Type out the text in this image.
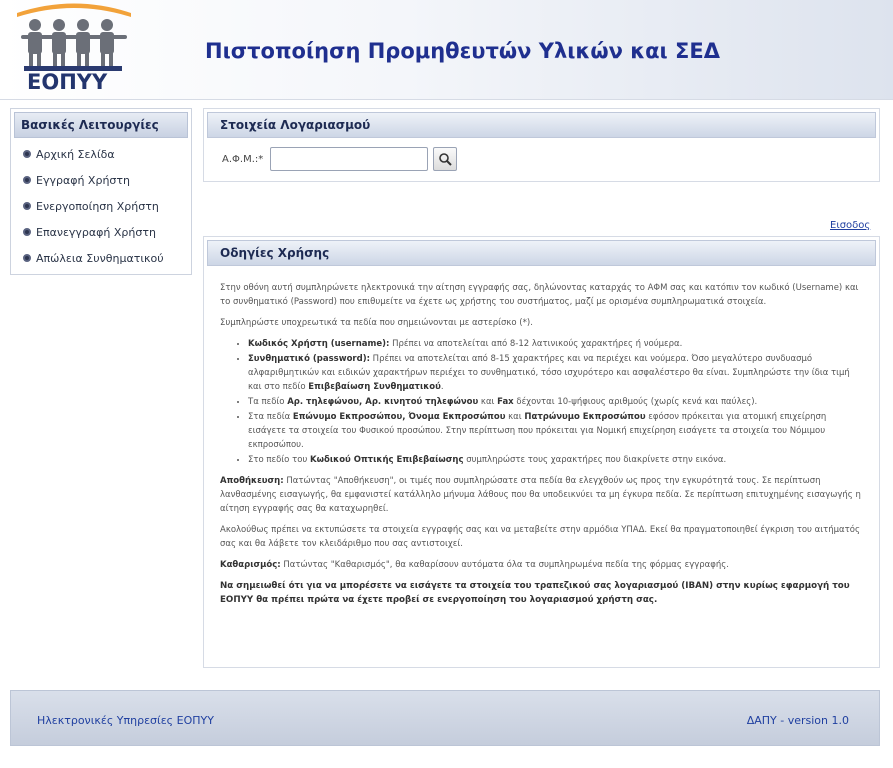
ΕΟΠΥΥ
Πιστοποίηση Προμηθευτών Υλικών και ΣΕΔ
Βασικές Λειτουργίες
Αρχική Σελίδα
Εγγραφή Χρήστη
Ενεργοποίηση Χρήστη
Επανεγγραφή Χρήστη
Απώλεια Συνθηματικού
Στοιχεία Λογαριασμού
Α.Φ.Μ.:*
Εισοδος
Οδηγίες Χρήσης

Στην οθόνη αυτή συμπληρώνετε ηλεκτρονικά την αίτηση εγγραφής σας, δηλώνοντας καταρχάς το ΑΦΜ σας και κατόπιν τον κωδικό (Username) και το συνθηματικό (Password) που επιθυμείτε να έχετε ως χρήστης του συστήματος, μαζί με ορισμένα συμπληρωματικά στοιχεία.

Συμπληρώστε υποχρεωτικά τα πεδία που σημειώνονται με αστερίσκο (*).

• Κωδικός Χρήστη (username): Πρέπει να αποτελείται από 8-12 λατινικούς χαρακτήρες ή νούμερα.
• Συνθηματικό (password): Πρέπει να αποτελείται από 8-15 χαρακτήρες και να περιέχει και νούμερα. Όσο μεγαλύτερο συνδυασμό αλφαριθμητικών και ειδικών χαρακτήρων περιέχει το συνθηματικό, τόσο ισχυρότερο και ασφαλέστερο θα είναι. Συμπληρώστε την ίδια τιμή και στο πεδίο Επιβεβαίωση Συνθηματικού.
• Τα πεδίο Αρ. τηλεφώνου, Αρ. κινητού τηλεφώνου και Fax δέχονται 10-ψήφιους αριθμούς (χωρίς κενά και παύλες).
• Στα πεδία Επώνυμο Εκπροσώπου, Όνομα Εκπροσώπου και Πατρώνυμο Εκπροσώπου εφόσον πρόκειται για ατομική επιχείρηση εισάγετε τα στοιχεία του Φυσικού προσώπου. Στην περίπτωση που πρόκειται για Νομική επιχείρηση εισάγετε τα στοιχεία του Νόμιμου εκπροσώπου.
• Στο πεδίο του Κωδικού Οπτικής Επιβεβαίωσης συμπληρώστε τους χαρακτήρες που διακρίνετε στην εικόνα.

Αποθήκευση: Πατώντας "Αποθήκευση", οι τιμές που συμπληρώσατε στα πεδία θα ελεγχθούν ως προς την εγκυρότητά τους. Σε περίπτωση λανθασμένης εισαγωγής, θα εμφανιστεί κατάλληλο μήνυμα λάθους που θα υποδεικνύει τα μη έγκυρα πεδία. Σε περίπτωση επιτυχημένης εισαγωγής η αίτηση εγγραφής σας θα καταχωρηθεί.

Ακολούθως πρέπει να εκτυπώσετε τα στοιχεία εγγραφής σας και να μεταβείτε στην αρμόδια ΥΠΑΔ. Εκεί θα πραγματοποιηθεί έγκριση του αιτήματός σας και θα λάβετε τον κλειδάριθμο που σας αντιστοιχεί.

Καθαρισμός: Πατώντας "Καθαρισμός", θα καθαρίσουν αυτόματα όλα τα συμπληρωμένα πεδία της φόρμας εγγραφής.

Να σημειωθεί ότι για να μπορέσετε να εισάγετε τα στοιχεία του τραπεζικού σας λογαριασμού (IBAN) στην κυρίως εφαρμογή του ΕΟΠΥΥ θα πρέπει πρώτα να έχετε προβεί σε ενεργοποίηση του λογαριασμού χρήστη σας.

Ηλεκτρονικές Υπηρεσίες ΕΟΠΥΥ	ΔΑΠΥ - version 1.0
